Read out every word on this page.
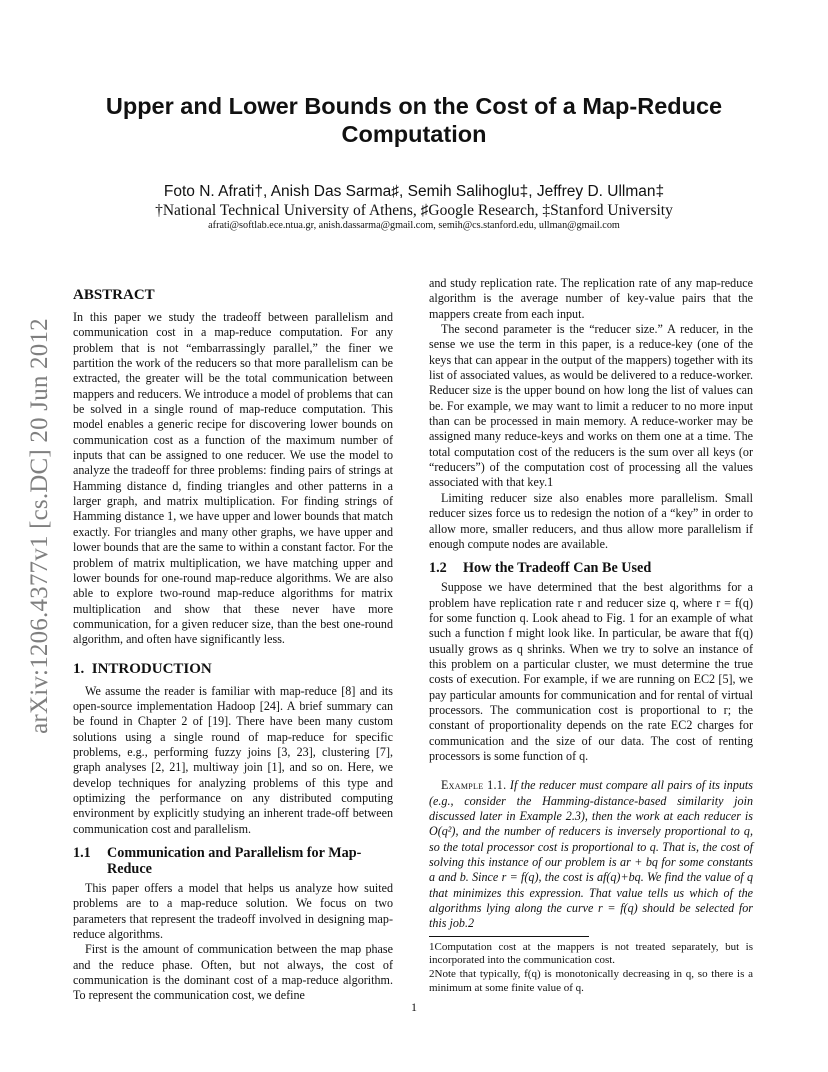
Upper and Lower Bounds on the Cost of a Map-Reduce Computation
Foto N. Afrati†, Anish Das Sarma♯, Semih Salihoglu‡, Jeffrey D. Ullman‡
†National Technical University of Athens, ♯Google Research, ‡Stanford University
afrati@softlab.ece.ntua.gr, anish.dassarma@gmail.com, semih@cs.stanford.edu, ullman@gmail.com
arXiv:1206.4377v1 [cs.DC] 20 Jun 2012
ABSTRACT

In this paper we study the tradeoff between parallelism and communication cost in a map-reduce computation. For any problem that is not “embarrassingly parallel,” the finer we partition the work of the reducers so that more parallelism can be extracted, the greater will be the total communication between mappers and reducers. We introduce a model of problems that can be solved in a single round of map-reduce computation. This model enables a generic recipe for discovering lower bounds on communication cost as a function of the maximum number of inputs that can be assigned to one reducer. We use the model to analyze the tradeoff for three problems: finding pairs of strings at Hamming distance d, finding triangles and other patterns in a larger graph, and matrix multiplication. For finding strings of Hamming distance 1, we have upper and lower bounds that match exactly. For triangles and many other graphs, we have upper and lower bounds that are the same to within a constant factor. For the problem of matrix multiplication, we have matching upper and lower bounds for one-round map-reduce algorithms. We are also able to explore two-round map-reduce algorithms for matrix multiplication and show that these never have more communication, for a given reducer size, than the best one-round algorithm, and often have significantly less.

1. INTRODUCTION

We assume the reader is familiar with map-reduce [8] and its open-source implementation Hadoop [24]. A brief summary can be found in Chapter 2 of [19]. There have been many custom solutions using a single round of map-reduce for specific problems, e.g., performing fuzzy joins [3, 23], clustering [7], graph analyses [2, 21], multiway join [1], and so on. Here, we develop techniques for analyzing problems of this type and optimizing the performance on any distributed computing environment by explicitly studying an inherent trade-off between communication cost and parallelism.

1.1	Communication and Parallelism for Map-Reduce

This paper offers a model that helps us analyze how suited problems are to a map-reduce solution. We focus on two parameters that represent the tradeoff involved in designing map-reduce algorithms.

First is the amount of communication between the map phase and the reduce phase. Often, but not always, the cost of communication is the dominant cost of a map-reduce algorithm. To represent the communication cost, we define

and study replication rate. The replication rate of any map-reduce algorithm is the average number of key-value pairs that the mappers create from each input.

The second parameter is the “reducer size.” A reducer, in the sense we use the term in this paper, is a reduce-key (one of the keys that can appear in the output of the mappers) together with its list of associated values, as would be delivered to a reduce-worker. Reducer size is the upper bound on how long the list of values can be. For example, we may want to limit a reducer to no more input than can be processed in main memory. A reduce-worker may be assigned many reduce-keys and works on them one at a time. The total computation cost of the reducers is the sum over all keys (or “reducers”) of the computation cost of processing all the values associated with that key.1

Limiting reducer size also enables more parallelism. Small reducer sizes force us to redesign the notion of a “key” in order to allow more, smaller reducers, and thus allow more parallelism if enough compute nodes are available.

1.2	How the Tradeoff Can Be Used

Suppose we have determined that the best algorithms for a problem have replication rate r and reducer size q, where r = f(q) for some function q. Look ahead to Fig. 1 for an example of what such a function f might look like. In particular, be aware that f(q) usually grows as q shrinks. When we try to solve an instance of this problem on a particular cluster, we must determine the true costs of execution. For example, if we are running on EC2 [5], we pay particular amounts for communication and for rental of virtual processors. The communication cost is proportional to r; the constant of proportionality depends on the rate EC2 charges for communication and the size of our data. The cost of renting processors is some function of q.

Example 1.1. If the reducer must compare all pairs of its inputs (e.g., consider the Hamming-distance-based similarity join discussed later in Example 2.3), then the work at each reducer is O(q²), and the number of reducers is inversely proportional to q, so the total processor cost is proportional to q. That is, the cost of solving this instance of our problem is ar + bq for some constants a and b. Since r = f(q), the cost is af(q)+bq. We find the value of q that minimizes this expression. That value tells us which of the algorithms lying along the curve r = f(q) should be selected for this job.2

1Computation cost at the mappers is not treated separately, but is incorporated into the communication cost.

2Note that typically, f(q) is monotonically decreasing in q, so there is a minimum at some finite value of q.

1
